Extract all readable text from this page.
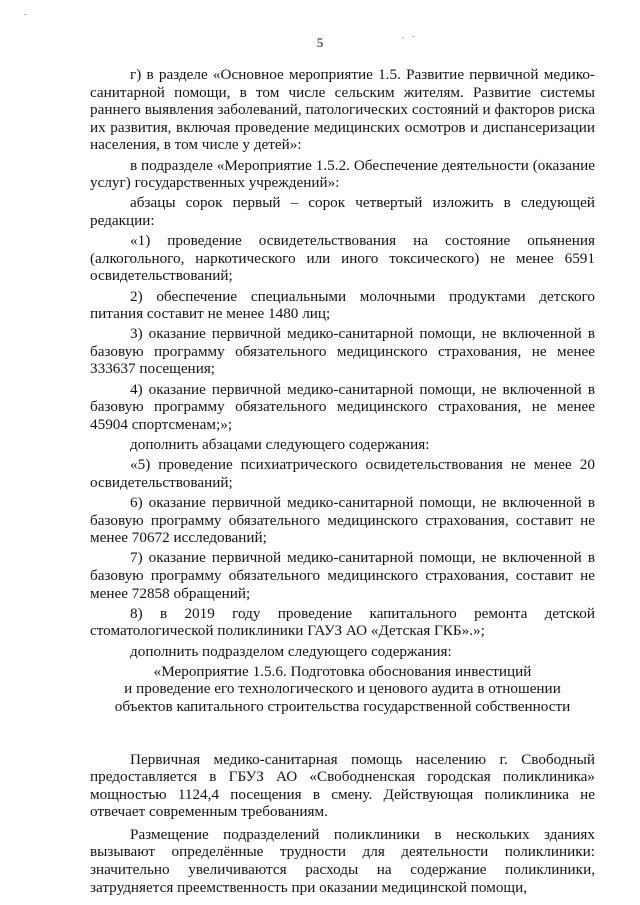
5

г) в разделе «Основное мероприятие 1.5. Развитие первичной медико-санитарной помощи, в том числе сельским жителям. Развитие системы раннего выявления заболеваний, патологических состояний и факторов риска их развития, включая проведение медицинских осмотров и диспансеризации населения, в том числе у детей»:

в подразделе «Мероприятие 1.5.2. Обеспечение деятельности (оказание услуг) государственных учреждений»:

абзацы сорок первый – сорок четвертый изложить в следующей редакции:

«1) проведение освидетельствования на состояние опьянения (алкогольного, наркотического или иного токсического) не менее 6591 освидетельствований;

2) обеспечение специальными молочными продуктами детского питания составит не менее 1480 лиц;

3) оказание первичной медико-санитарной помощи, не включенной в базовую программу обязательного медицинского страхования, не менее 333637 посещения;

4) оказание первичной медико-санитарной помощи, не включенной в базовую программу обязательного медицинского страхования, не менее 45904 спортсменам;»;

дополнить абзацами следующего содержания:

«5) проведение психиатрического освидетельствования не менее 20 освидетельствований;

6) оказание первичной медико-санитарной помощи, не включенной в базовую программу обязательного медицинского страхования, составит не менее 70672 исследований;

7) оказание первичной медико-санитарной помощи, не включенной в базовую программу обязательного медицинского страхования, составит не менее 72858 обращений;

8) в 2019 году проведение капитального ремонта детской стоматологической поликлиники ГАУЗ АО «Детская ГКБ».»;

дополнить подразделом следующего содержания:

«Мероприятие 1.5.6. Подготовка обоснования инвестиций
и проведение его технологического и ценового аудита в отношении
объектов капитального строительства государственной собственности

Первичная медико-санитарная помощь населению г. Свободный предоставляется в ГБУЗ АО «Свободненская городская поликлиника» мощностью 1124,4 посещения в смену. Действующая поликлиника не отвечает современным требованиям.

Размещение подразделений поликлиники в нескольких зданиях вызывают определённые трудности для деятельности поликлиники: значительно увеличиваются расходы на содержание поликлиники, затрудняется преемственность при оказании медицинской помощи,
